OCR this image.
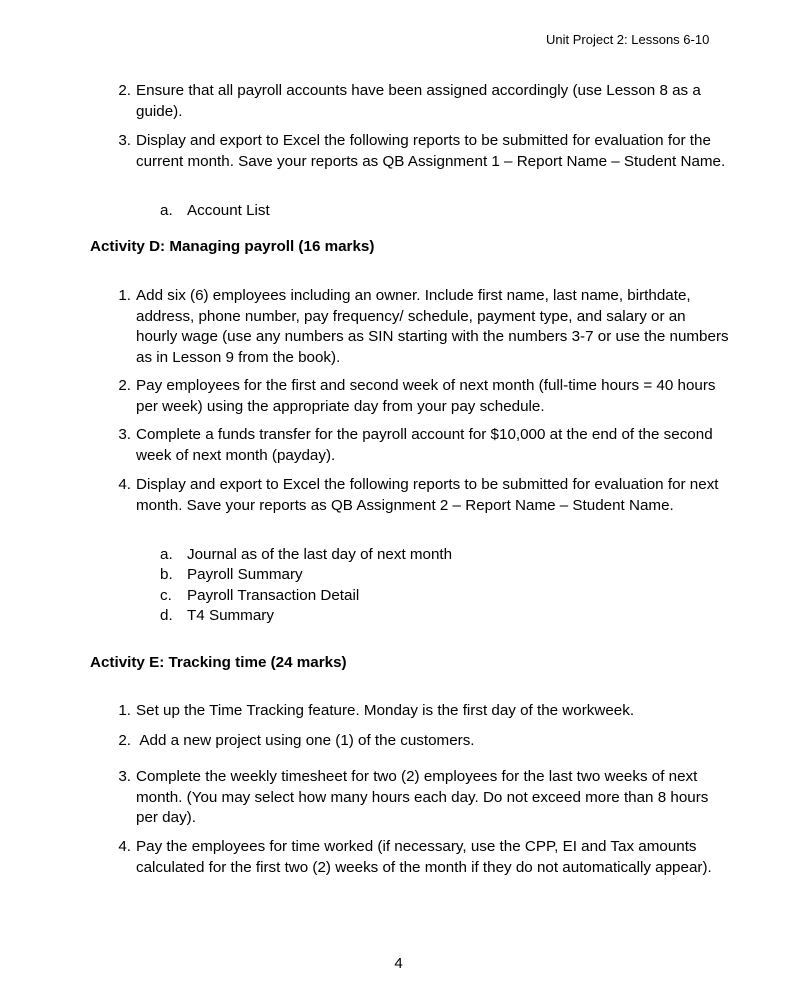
Unit Project 2: Lessons 6-10
2. Ensure that all payroll accounts have been assigned accordingly (use Lesson 8 as a guide).
3. Display and export to Excel the following reports to be submitted for evaluation for the current month. Save your reports as QB Assignment 1 – Report Name – Student Name.
a. Account List
Activity D: Managing payroll (16 marks)
1. Add six (6) employees including an owner. Include first name, last name, birthdate, address, phone number, pay frequency/ schedule, payment type, and salary or an hourly wage (use any numbers as SIN starting with the numbers 3-7 or use the numbers as in Lesson 9 from the book).
2. Pay employees for the first and second week of next month (full-time hours = 40 hours per week) using the appropriate day from your pay schedule.
3. Complete a funds transfer for the payroll account for $10,000 at the end of the second week of next month (payday).
4. Display and export to Excel the following reports to be submitted for evaluation for next month. Save your reports as QB Assignment 2 – Report Name – Student Name.
a. Journal as of the last day of next month
b. Payroll Summary
c. Payroll Transaction Detail
d. T4 Summary
Activity E: Tracking time (24 marks)
1. Set up the Time Tracking feature. Monday is the first day of the workweek.
2. Add a new project using one (1) of the customers.
3. Complete the weekly timesheet for two (2) employees for the last two weeks of next month. (You may select how many hours each day. Do not exceed more than 8 hours per day).
4. Pay the employees for time worked (if necessary, use the CPP, EI and Tax amounts calculated for the first two (2) weeks of the month if they do not automatically appear).
4
